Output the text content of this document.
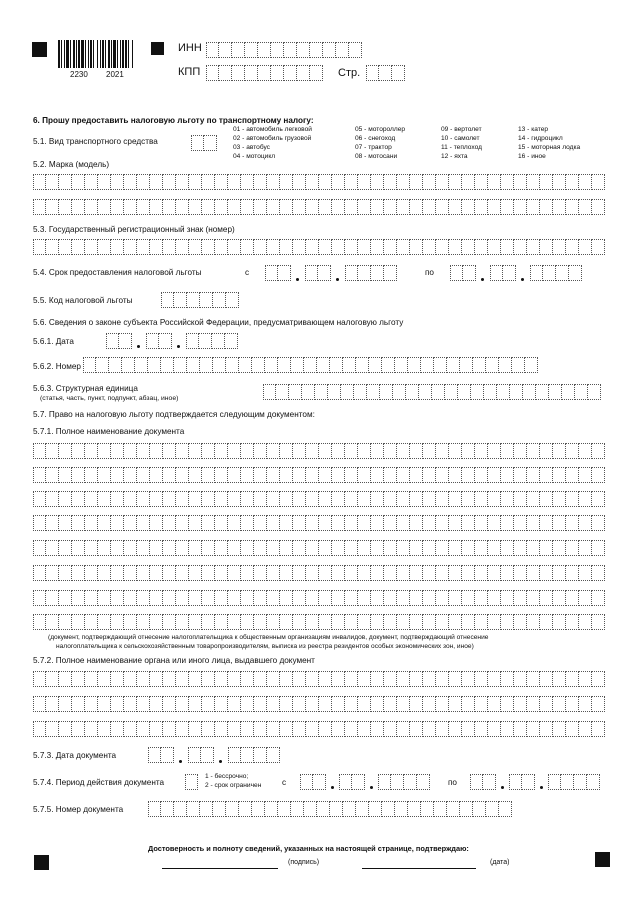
2230 2021
ИНН
КПП	Стр.
6. Прошу предоставить налоговую льготу по транспортному налогу:
5.1. Вид транспортного средства
01 - автомобиль легковой
02 - автомобиль грузовой
03 - автобус
04 - мотоцикл
05 - мотороллер
06 - снегоход
07 - трактор
08 - мотосани
09 - вертолет
10 - самолет
11 - теплоход
12 - яхта
13 - катер
14 - гидроцикл
15 - моторная лодка
16 - иное
5.2. Марка (модель)
5.3. Государственный регистрационный знак (номер)
5.4. Срок предоставления налоговой льготы	с	по
5.5. Код налоговой льготы
5.6. Сведения о законе субъекта Российской Федерации, предусматривающем налоговую льготу
5.6.1. Дата
5.6.2. Номер
5.6.3. Структурная единица
(статья, часть, пункт, подпункт, абзац, иное)
5.7. Право на налоговую льготу подтверждается следующим документом:
5.7.1. Полное наименование документа
(документ, подтверждающий отнесение налогоплательщика к общественным организациям инвалидов, документ, подтверждающий отнесение
налогоплательщика к сельскохозяйственным товаропроизводителям, выписка из реестра резидентов особых экономических зон, иное)
5.7.2. Полное наименование органа или иного лица, выдавшего документ
5.7.3. Дата документа
5.7.4. Период действия документа
1 - бессрочно;
2 - срок ограничен	с	по
5.7.5. Номер документа
Достоверность и полноту сведений, указанных на настоящей странице, подтверждаю:
(подпись)	(дата)
